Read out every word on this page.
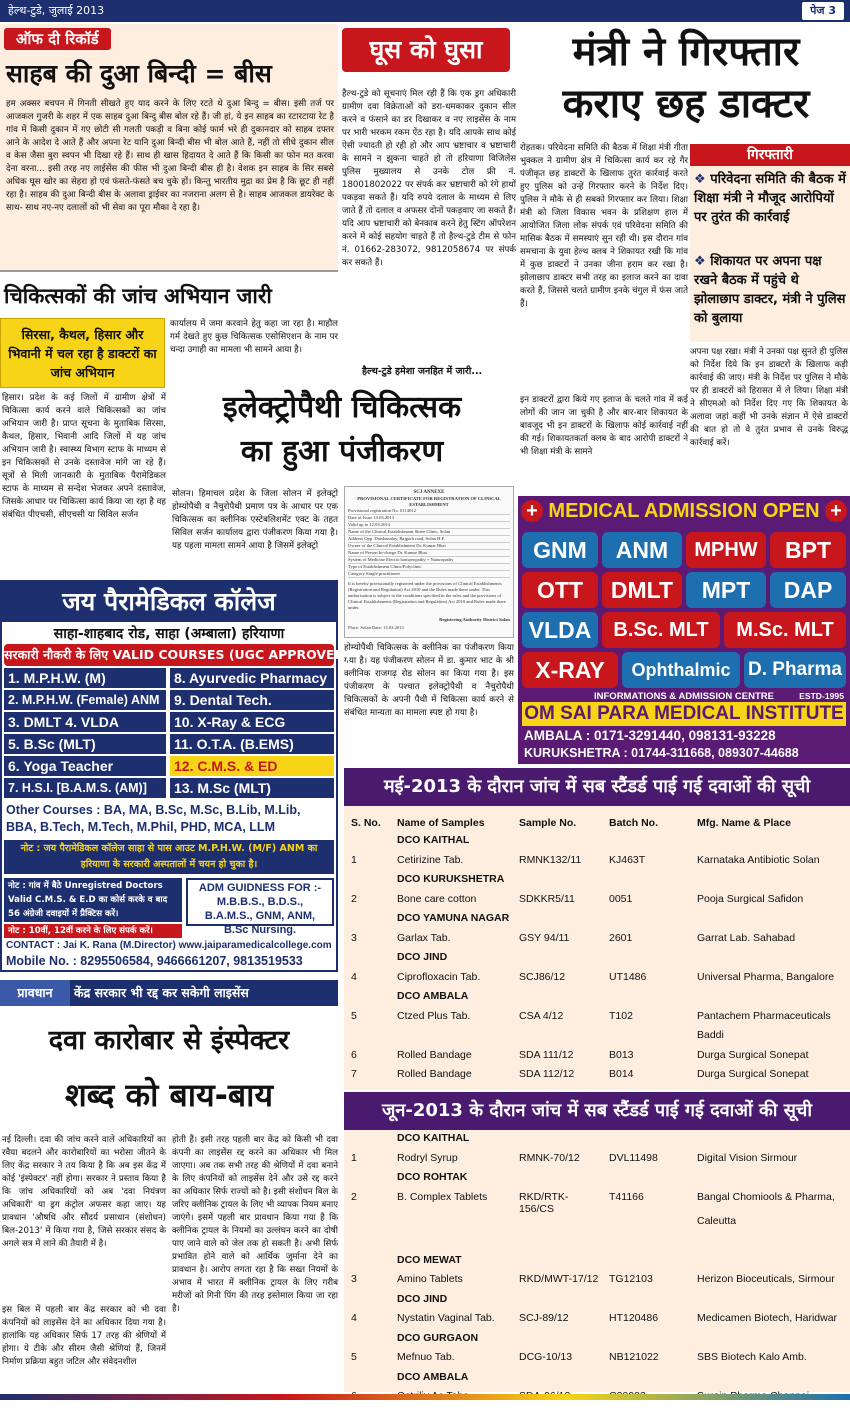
हेल्थ-टुडे, जुलाई 2013	पेज 3
ऑफ दी रिकॉर्ड
साहब की दुआ बिन्दी = बीस
हम अक्सर बचपन में गिनती सीखते हुए याद करने के लिए रटते थे दुआ बिन्दु = बीस। इसी तर्ज पर आजकल गुजरी के शहर में एक साहब दुआ बिन्दु बीस बोल रहे हैं। जी हां, ये इन साहब का रटारटाया रेट है गांव में किसी दुकान में गए छोटी सी गलती पकड़ी व बिना कोई फार्म भरे ही दुकानदार को साहब दफ्तर आने के आदेश दे आते हैं और अपना रेट यानि दुआ बिन्दी बीस भी बोल आते हैं, नहीं तो सीधे दुकान सील व केस जैसा बुरा स्वपन भी दिखा रहे हैं। साथ ही खास हिदायत दे आते हैं कि किसी का फोन मत करवा देना वरना... इसी तरह नए लाईसेंस की फीस भी दुआ बिन्दी बीस ही है। वेशक इन साहब के सिर सबसे अधिक घूस खोर का सेहरा हो एवं फंसते-फंसते बच चुके हों। किन्तु भारतीय मुद्रा का प्रेम है कि छूट ही नहीं रहा है। साहब की दुआ बिन्दी बीस के अलावा ड्राईवर का नजराना अलग से है। साहब आजकल डायरेक्ट के साथ- साथ नए-नए दलालों को भी सेवा का पूरा मौका दे रहा है।
घूस को घुसा
हैल्थ-टुडे को सूचनाएं मिल रही हैं कि एक ड्रग अधिकारी ग्रामीण दवा विक्रेताओं को डरा-धमकाकर दुकान सील करने व फंसाने का डर दिखाकर व नए लाइसेंस के नाम पर भारी भरकम रकम ऐंठ रहा है। यदि आपके साथ कोई ऐसी ज्यादती हो रही हो और आप भ्रष्टाचार व भ्रष्टाचारी के सामने न झुकना चाहते हो तो हरियाणा विजिलेंस पुलिस मुख्यालय से उनके टोल फ्री नं. 18001802022 पर संपर्क कर भ्रष्टाचारी को रंगे हाथों पकड़वा सकते हैं। यदि रुपये दलाल के माध्यम से लिए जाते हैं तो दलाल व अफसर दोनों पकड़वाए जा सकते हैं। यदि आप भ्रष्टाचारी को बेनकाब करने हेतु स्टिंग ऑपरेशन करने में कोई सहयोग चाहते हैं तो हैल्थ-टुडे टीम से फोन नं. 01662-283072, 9812058674 पर संपर्क कर सकते हैं।
हैल्थ-टुडे हमेशा जनहित में जारी...
मंत्री ने गिरफ्तार
कराए छह डाक्टर
रोहतक। परिवेदना समिति की बैठक में शिक्षा मंत्री गीता भुक्कल ने ग्रामीण क्षेत्र में चिकित्सा कार्य कर रहे गैर पंजीकृत छह डाक्टरों के खिलाफ तुरंत कार्रवाई करते हुए पुलिस को उन्हें गिरफ्तार करने के निर्देश दिए। पुलिस ने मौके से ही सबको गिरफ्तार कर लिया। शिक्षा मंत्री को जिला विकास भवन के प्रशिक्षण हाल में आयोजित जिला लोक संपर्क एवं परिवेदना समिति की मासिक बैठक में समस्याएं सुन रही थी। इस दौरान गांव समचाना के युवा हेल्थ क्लब ने शिकायत रखी कि गांव में कुछ डाक्टरों ने उनका जीना हराम कर रखा है। झोलाछाप डाक्टर सभी तरह का इलाज करने का दावा करते हैं, जिससे चलते ग्रामीण इनके चंगुल में फंस जाते हैं।
इन डाक्टरों द्वारा किये गए इलाज के चलते गांव में कई लोगों की जान जा चुकी है और बार-बार शिकायत के बावजूद भी इन डाक्टरों के खिलाफ कोई कार्रवाई नहीं की गई। शिकायतकर्ता क्लब के बाद आरोपी डाक्टरों ने भी शिक्षा मंत्री के सामने
अपना पक्ष रखा। मंत्री ने उनका पक्ष सुनते ही पुलिस को निर्देश दिये कि इन डाक्टरों के खिलाफ कड़ी कार्रवाई की जाए। मंत्री के निर्देश पर पुलिस ने मौके पर ही डाक्टरों को हिरासत में ले लिया। शिक्षा मंत्री ने सीएमओ को निर्देश दिए गए कि शिकायत के अलावा जहां कहीं भी उनके संज्ञान में ऐसे डाक्टरों की बात हो तो वे तुरंत प्रभाव से उनके विरुद्ध कार्रवाई करें।
गिरफ्तारी
❖ परिवेदना समिति की बैठक में शिक्षा मंत्री ने मौजूद आरोपियों पर तुरंत की कार्रवाई
❖ शिकायत पर अपना पक्ष रखने बैठक में पहुंचे थे झोलाछाप डाक्टर, मंत्री ने पुलिस को बुलाया
चिकित्सकों की जांच अभियान जारी
सिरसा, कैथल, हिसार और भिवानी में चल रहा है डाक्टरों का जांच अभियान
हिसार। प्रदेश के कई जिलों में ग्रामीण क्षेत्रों में चिकित्सा कार्य करने वाले चिकित्सकों का जांच अभियान जारी है। प्राप्त सूचना के मुताबिक सिरसा, कैथल, हिसार, भिवानी आदि जिलों में यह जांच अभियान जारी है। स्वास्थ्य विभाग स्टाफ के माध्यम से इन चिकित्सकों से उनके दस्तावेज मांगे जा रहे हैं। सूत्रों से मिली जानकारी के मुताबिक पैरामेडिकल स्टाफ के माध्यम से सन्देश भेजकर अपने दस्तावेज, जिसके आधार पर चिकित्सा कार्य किया जा रहा है वह संबंधित पीएचसी, सीएचसी या सिविल सर्जन
कार्यालय में जमा करवाने हेतु कहा जा रहा है। माहौल गर्म देखते हुए कुछ चिकित्सक एसोसिएशन के नाम पर चन्दा उगाही का मामला भी सामने आया है।
इलेक्ट्रोपैथी चिकित्सक
का हुआ पंजीकरण
सोलन। हिमाचल प्रदेश के जिला सोलन में इलेक्ट्रो होम्योपैथी व नैचुरोपैथी प्रमाण पत्र के आधार पर एक चिकित्सक का क्लीनिक एस्टेबलिशमेंट एक्ट के तहत सिविल सर्जन कार्यालय द्वारा पंजीकरण किया गया है। यह पहला मामला सामने आया है जिसमें इलेक्ट्रो
SCJ ANNEXE
PROVISIONAL CERTIFICATE FOR REGISTRATION OF CLINICAL ESTABLISHMENT
Provisional registration No. 0114012
Date of Issue 13.03.2013
Valid up to 12.03.2014
Name of the Clinical Establishment Shree Clinic, Solan
Address Opp. Darshanalay, Rajgarh road, Solan H.P.
Owner of the Clinical Establishment Dr. Kumar Bhat
Name of Person In-charge Dr. Kumar Bhat
System of Medicine Electro homoeopathy + Naturopathy
Type of Establishment Clinic/Polyclinic
Category Single practitioner
It is hereby provisionally registered under the provisions of Clinical Establishments (Registration and Regulation) Act 2010 and the Rules made there under. This authorisation is subject to the conditions specified in the rules and the provisions of Clinical Establishments (Registration and Regulation) Act 2010 and Rules made there under.
Registering Authority District Solan
Place: Solan Date: 13.03.2013
होम्योपैथी चिकित्सक के क्लीनिक का पंजीकरण किया गया है। यह पंजीकरण सोलन में डा. कुमार भाट के श्री क्लीनिक राजगढ़ रोड सोलन का किया गया है। इस पंजीकरण के पश्चात इलेक्ट्रोपैथी व नैचुरोपैथी चिकित्सकों के अपनी पैथी में चिकित्सा कार्य करने से संबंधित मान्यता का मामला स्पष्ट हो गया है।
जय पैरामेडिकल कॉलेज
साहा-शाहबाद रोड, साहा (अम्बाला) हरियाणा
सरकारी नौकरी के लिए VALID COURSES (UGC APPROVED)
1. M.P.H.W. (M)
2. M.P.H.W. (Female) ANM
3. DMLT 4. VLDA
5. B.Sc (MLT)
6. Yoga Teacher
7. H.S.I. [B.A.M.S. (AM)]
8. Ayurvedic Pharmacy
9. Dental Tech.
10. X-Ray & ECG
11. O.T.A. (B.EMS)
12. C.M.S. & ED
13. M.Sc (MLT)
Other Courses : BA, MA, B.Sc, M.Sc, B.Lib, M.Lib, BBA, B.Tech, M.Tech, M.Phil, PHD, MCA, LLM
नोट : जय पैरामेडिकल कॉलेज साहा से पास आउट M.P.H.W. (M/F) ANM का हरियाणा के सरकारी अस्पतालों में चयन हो चुका है।
नोट : गांव में बैठे Unregistred Doctors Valid C.M.S. & E.D का कोर्स करके व बाद 56 अंग्रेजी दवाइयों में प्रैक्टिस करें।
ADM GUIDNESS FOR :- M.B.B.S., B.D.S., B.A.M.S., GNM, ANM, B.Sc Nursing.
नोट : 10वीं, 12वीं करने के लिए संपर्क करें।
CONTACT : Jai K. Rana (M.Director) www.jaiparamedicalcollege.com
Mobile No. : 8295506584, 9466661207, 9813519533
+ MEDICAL ADMISSION OPEN +
GNM	ANM	MPHW	BPT
OTT	DMLT	MPT	DAP
VLDA	B.Sc. MLT	M.Sc. MLT
X-RAY	Ophthalmic D. Pharma
INFORMATIONS & ADMISSION CENTRE	ESTD-1995
OM SAI PARA MEDICAL INSTITUTE
AMBALA : 0171-3291440, 098131-93228
KURUKSHETRA : 01744-311668, 089307-44688
प्रावधान	केंद्र सरकार भी रद्द कर सकेगी लाइसेंस
दवा कारोबार से इंस्पेक्टर
शब्द को बाय-बाय
नई दिल्ली। दवा की जांच करने वाले अधिकारियों का रवैया बदलने और कारोबारियों का भरोसा जीतने के लिए केंद्र सरकार ने तय किया है कि अब इस केंद्र में कोई 'इंस्पेक्टर' नहीं होगा। सरकार ने प्रस्ताव किया है कि जांच अधिकारियों को अब 'दवा नियंत्रण अधिकारी' या ड्रग कंट्रोल अफसर कहा जाए। यह प्रावधान 'औषधि और सौंदर्य प्रसाधान (संशोधन) बिल-2013' में किया गया है, जिसे सरकार संसद के अगले सत्र में लाने की तैयारी में है।
इस बिल में पहली बार केंद्र सरकार को भी दवा कंपनियों को लाइसेंस देने का अधिकार दिया गया है। हालांकि यह अधिकार सिर्फ 17 तरह की श्रेणियों में होगा। ये टीके और सीरम जैसी श्रेणियां हैं, जिनमें निर्माण प्रक्रिया बहुत जटिल और संवेदनशील
होती हैं। इसी तरह पहली बार केंद्र को किसी भी दवा कंपनी का लाइसेंस रद्द करने का अधिकार भी मिल जाएगा। अब तक सभी तरह की श्रेणियों में दवा बनाने के लिए कंपनियों को लाइसेंस देने और उसे रद्द करने का अधिकार सिर्फ राज्यों को है। इसी संशोधन बिल के जरिए क्लीनिक ट्रायल के लिए भी व्यापक नियम बनाए जाएंगे। इसमें पहली बार प्रावधान किया गया है कि क्लीनिक ट्रायल के नियमों का उल्लंघन करने का दोषी पाए जाने वाले को जेल तक हो सकती है। अभी सिर्फ प्रभावित होने वाले को आर्थिक जुर्माना देने का प्रावधान है। आरोप लगता रहा है कि सख्त नियमों के अभाव में भारत में क्लीनिक ट्रायल के लिए गरीब मरीजों को गिनी पिंग की तरह इस्तेमाल किया जा रहा है।
मई-2013 के दौरान जांच में सब स्टैंडर्ड पाई गई दवाओं की सूची
S. No.	Name of Samples	Sample No.	Batch No.	Mfg. Name & Place
	DCO KAITHAL			
1	Cetirizine Tab.	RMNK132/11	KJ463T	Karnataka Antibiotic Solan
	DCO KURUKSHETRA			
2	Bone care cotton	SDKKR5/11	0051	Pooja Surgical Safidon
	DCO YAMUNA NAGAR			
3	Garlax Tab.	GSY 94/11	2601	Garrat Lab. Sahabad
	DCO JIND			
4	Ciprofloxacin Tab.	SCJ86/12	UT1486	Universal Pharma, Bangalore
	DCO AMBALA			
5	Ctzed Plus Tab.	CSA 4/12	T102	Pantachem Pharmaceuticals
				Baddi
6	Rolled Bandage	SDA 111/12	B013	Durga Surgical Sonepat
7	Rolled Bandage	SDA 112/12	B014	Durga Surgical Sonepat
जून-2013 के दौरान जांच में सब स्टैंडर्ड पाई गई दवाओं की सूची
	DCO KAITHAL			
1	Rodryl Syrup	RMNK-70/12	DVL11498	Digital Vision Sirmour
	DCO ROHTAK			
2	B. Complex Tablets	RKD/RTK-156/CS	T41166	Bangal Chomiools & Pharma,
				Caleutta

	DCO MEWAT			
3	Amino Tablets	RKD/MWT-17/12	TG12103	Herizon Bioceuticals, Sirmour
	DCO JIND			
4	Nystatin Vaginal Tab.	SCJ-89/12	HT120486	Medicamen Biotech, Haridwar
	DCO GURGAON			
5	Mefnuo Tab.	DCG-10/13	NB121022	SBS Biotech Kalo Amb.
	DCO AMBALA			
